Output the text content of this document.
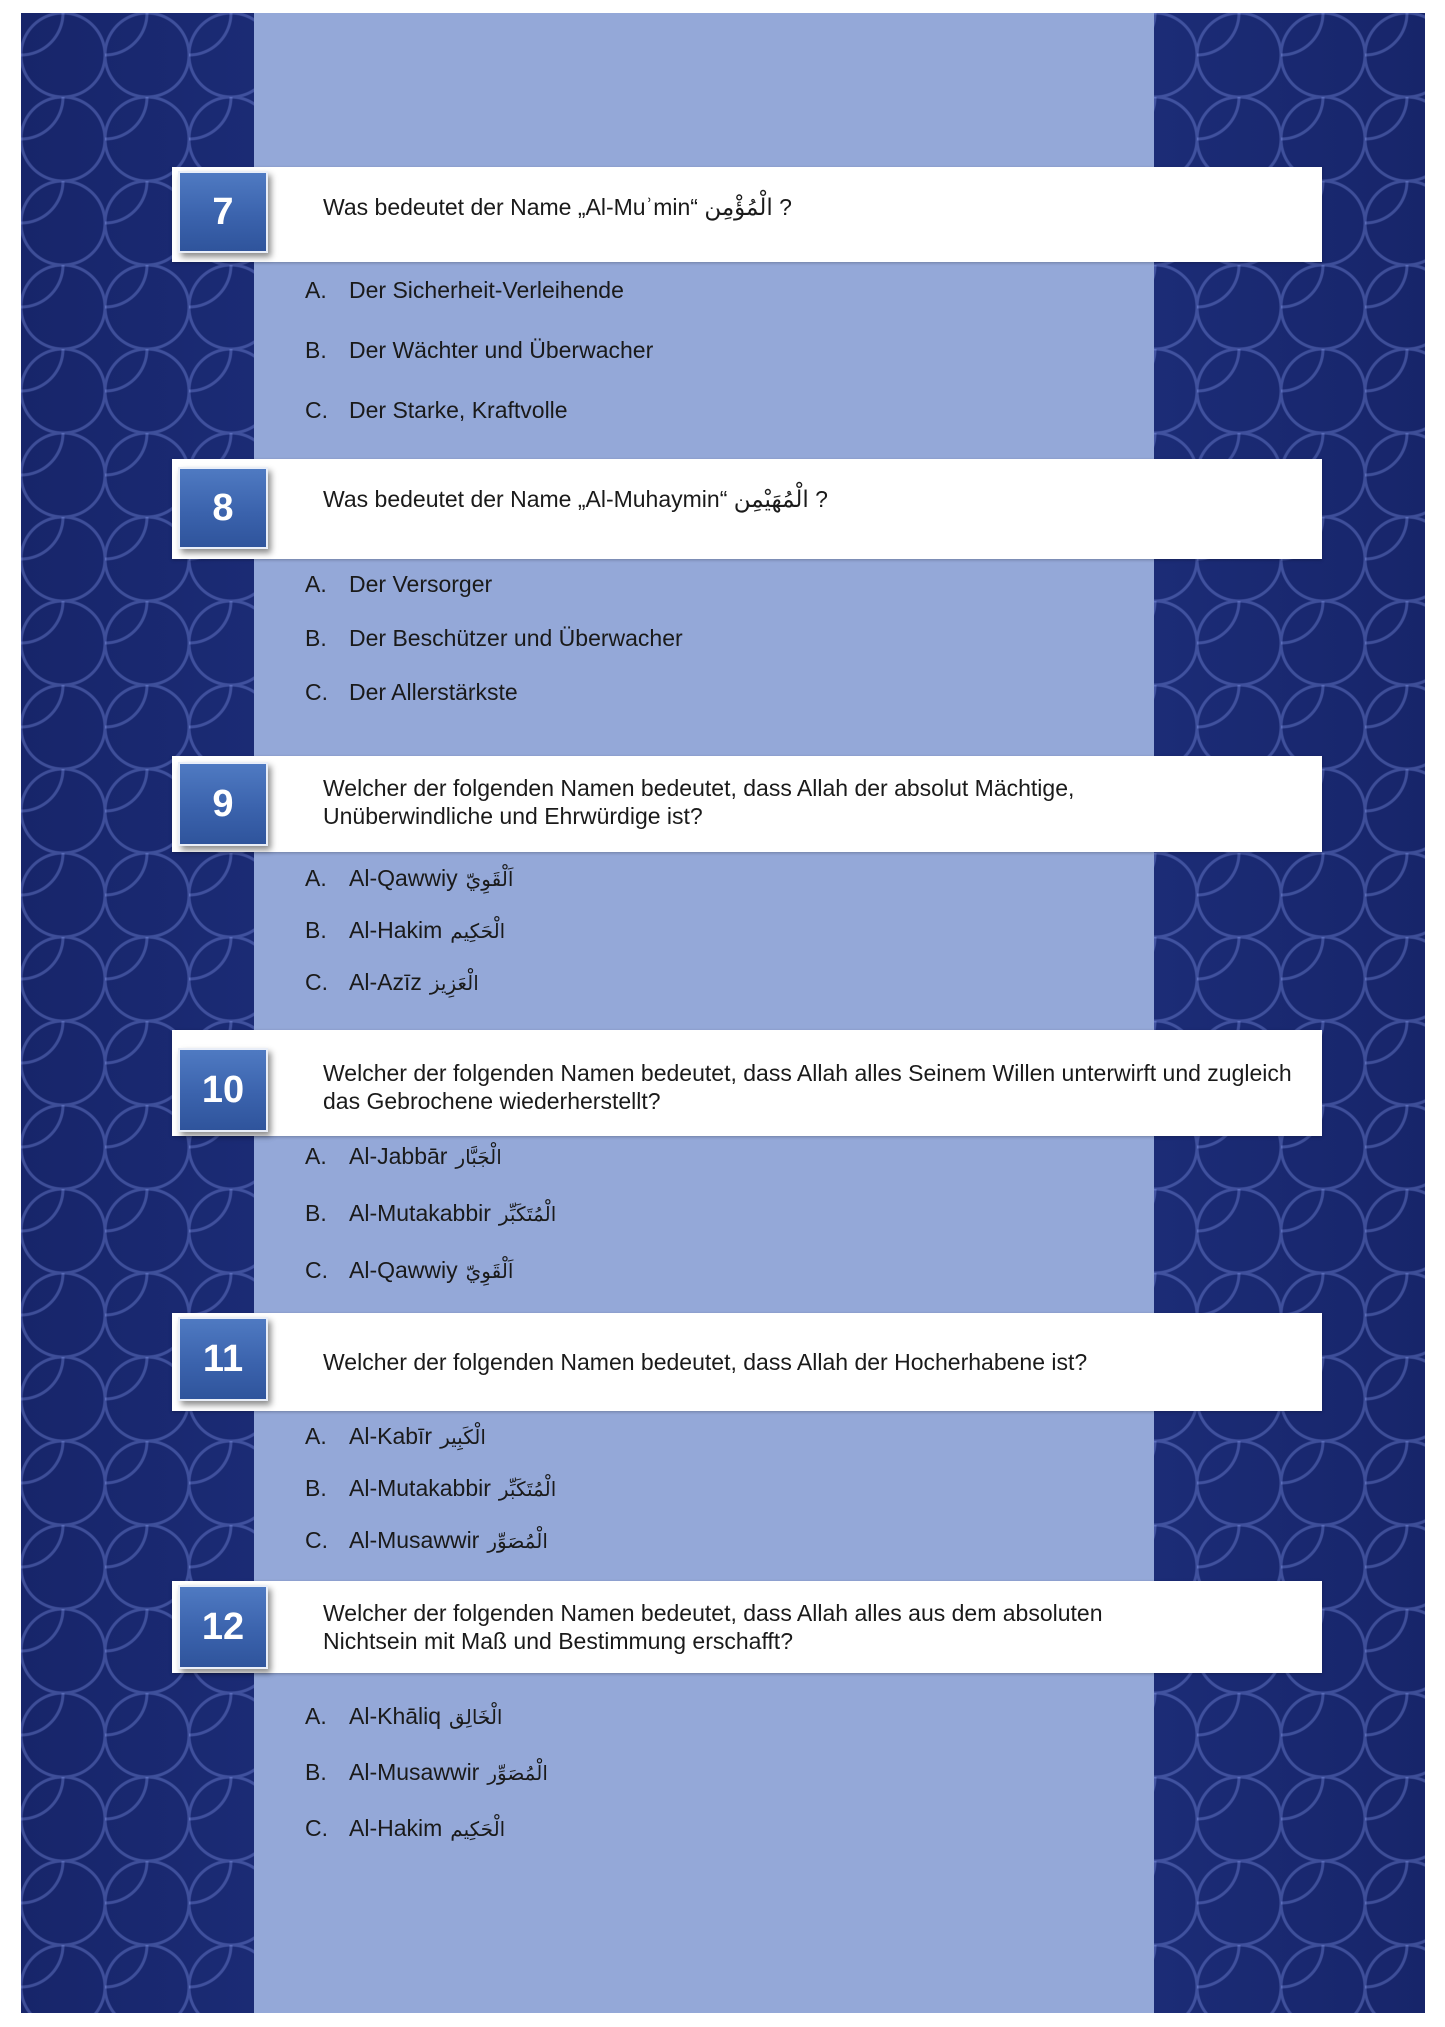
7	Was bedeutet der Name „Al-Muʾmin“ الْمُؤْمِن ?
A. Der Sicherheit-Verleihende
B. Der Wächter und Überwacher
C. Der Starke, Kraftvolle
8	Was bedeutet der Name „Al-Muhaymin“ الْمُهَيْمِن ?
A. Der Versorger
B. Der Beschützer und Überwacher
C. Der Allerstärkste
9	Welcher der folgenden Namen bedeutet, dass Allah der absolut Mächtige, Unüberwindliche und Ehrwürdige ist?
A. Al-Qawwiy اَلْقَوِيّ
B. Al-Hakim الْحَكِيم
C. Al-Azīz الْعَزِيز
10	Welcher der folgenden Namen bedeutet, dass Allah alles Seinem Willen unterwirft und zugleich das Gebrochene wiederherstellt?
A. Al-Jabbār الْجَبَّار
B. Al-Mutakabbir الْمُتَكَبِّر
C. Al-Qawwiy اَلْقَوِيّ
11	Welcher der folgenden Namen bedeutet, dass Allah der Hocherhabene ist?
A. Al-Kabīr الْكَبِير
B. Al-Mutakabbir الْمُتَكَبِّر
C. Al-Musawwir الْمُصَوِّر
12	Welcher der folgenden Namen bedeutet, dass Allah alles aus dem absoluten Nichtsein mit Maß und Bestimmung erschafft?
A. Al-Khāliq الْخَالِق
B. Al-Musawwir الْمُصَوِّر
C. Al-Hakim الْحَكِيم
